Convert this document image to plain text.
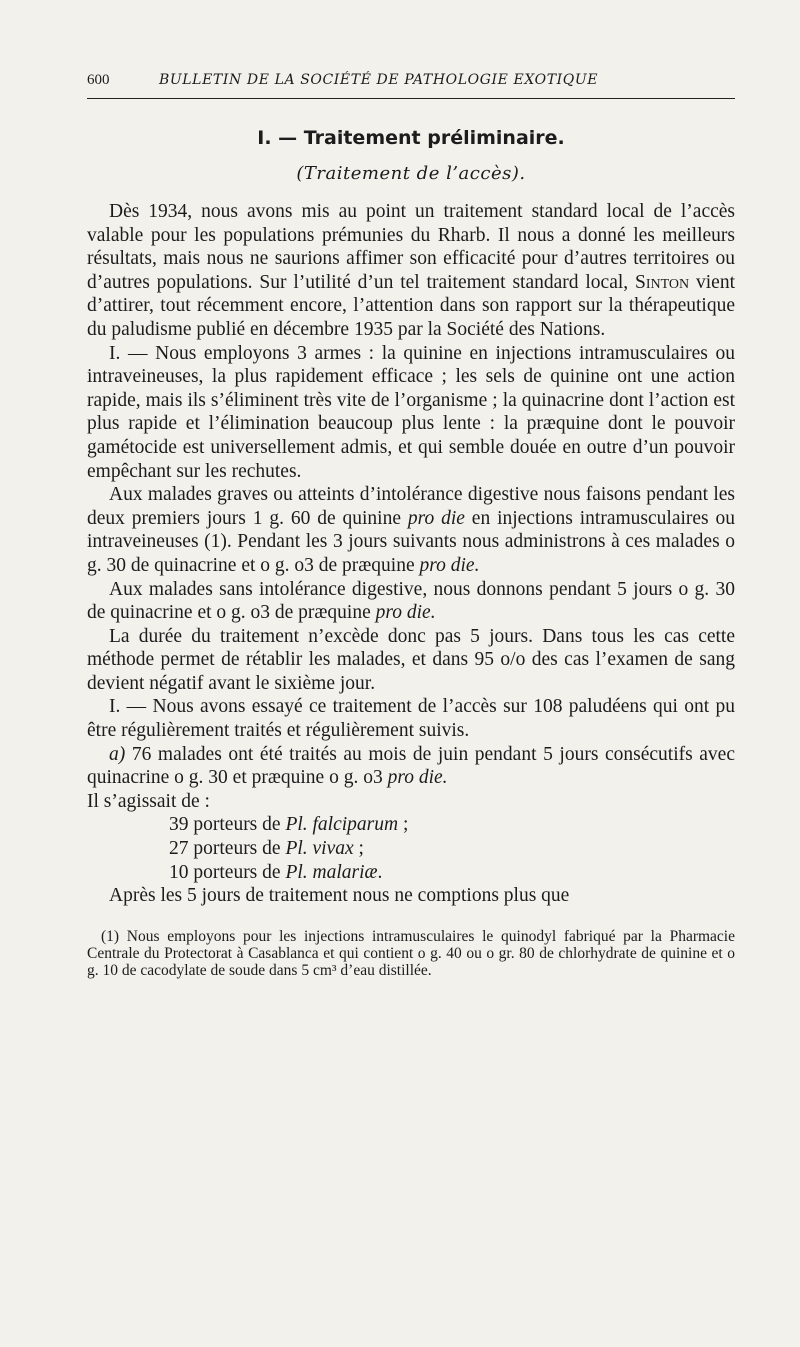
600	BULLETIN DE LA SOCIÉTÉ DE PATHOLOGIE EXOTIQUE
I. — Traitement préliminaire.
(Traitement de l’accès).

Dès 1934, nous avons mis au point un traitement standard local de l’accès valable pour les populations prémunies du Rharb. Il nous a donné les meilleurs résultats, mais nous ne saurions affimer son efficacité pour d’autres territoires ou d’autres populations. Sur l’utilité d’un tel traitement standard local, Sinton vient d’attirer, tout récemment encore, l’attention dans son rapport sur la thérapeutique du paludisme publié en décembre 1935 par la Société des Nations.

I. — Nous employons 3 armes : la quinine en injections intramusculaires ou intraveineuses, la plus rapidement efficace ; les sels de quinine ont une action rapide, mais ils s’éliminent très vite de l’organisme ; la quinacrine dont l’action est plus rapide et l’élimination beaucoup plus lente : la præquine dont le pouvoir gamétocide est universellement admis, et qui semble douée en outre d’un pouvoir empêchant sur les rechutes.

Aux malades graves ou atteints d’intolérance digestive nous faisons pendant les deux premiers jours 1 g. 60 de quinine pro die en injections intramusculaires ou intraveineuses (1). Pendant les 3 jours suivants nous administrons à ces malades o g. 30 de quinacrine et o g. o3 de præquine pro die.

Aux malades sans intolérance digestive, nous donnons pendant 5 jours o g. 30 de quinacrine et o g. o3 de præquine pro die.

La durée du traitement n’excède donc pas 5 jours. Dans tous les cas cette méthode permet de rétablir les malades, et dans 95 o/o des cas l’examen de sang devient négatif avant le sixième jour.

I. — Nous avons essayé ce traitement de l’accès sur 108 paludéens qui ont pu être régulièrement traités et régulièrement suivis.

a) 76 malades ont été traités au mois de juin pendant 5 jours consécutifs avec quinacrine o g. 30 et præquine o g. o3 pro die.

Il s’agissait de :

39 porteurs de Pl. falciparum ;
27 porteurs de Pl. vivax ;
10 porteurs de Pl. malariæ.

Après les 5 jours de traitement nous ne comptions plus que

(1) Nous employons pour les injections intramusculaires le quinodyl fabriqué par la Pharmacie Centrale du Protectorat à Casablanca et qui contient o g. 40 ou o gr. 80 de chlorhydrate de quinine et o g. 10 de cacodylate de soude dans 5 cm³ d’eau distillée.
